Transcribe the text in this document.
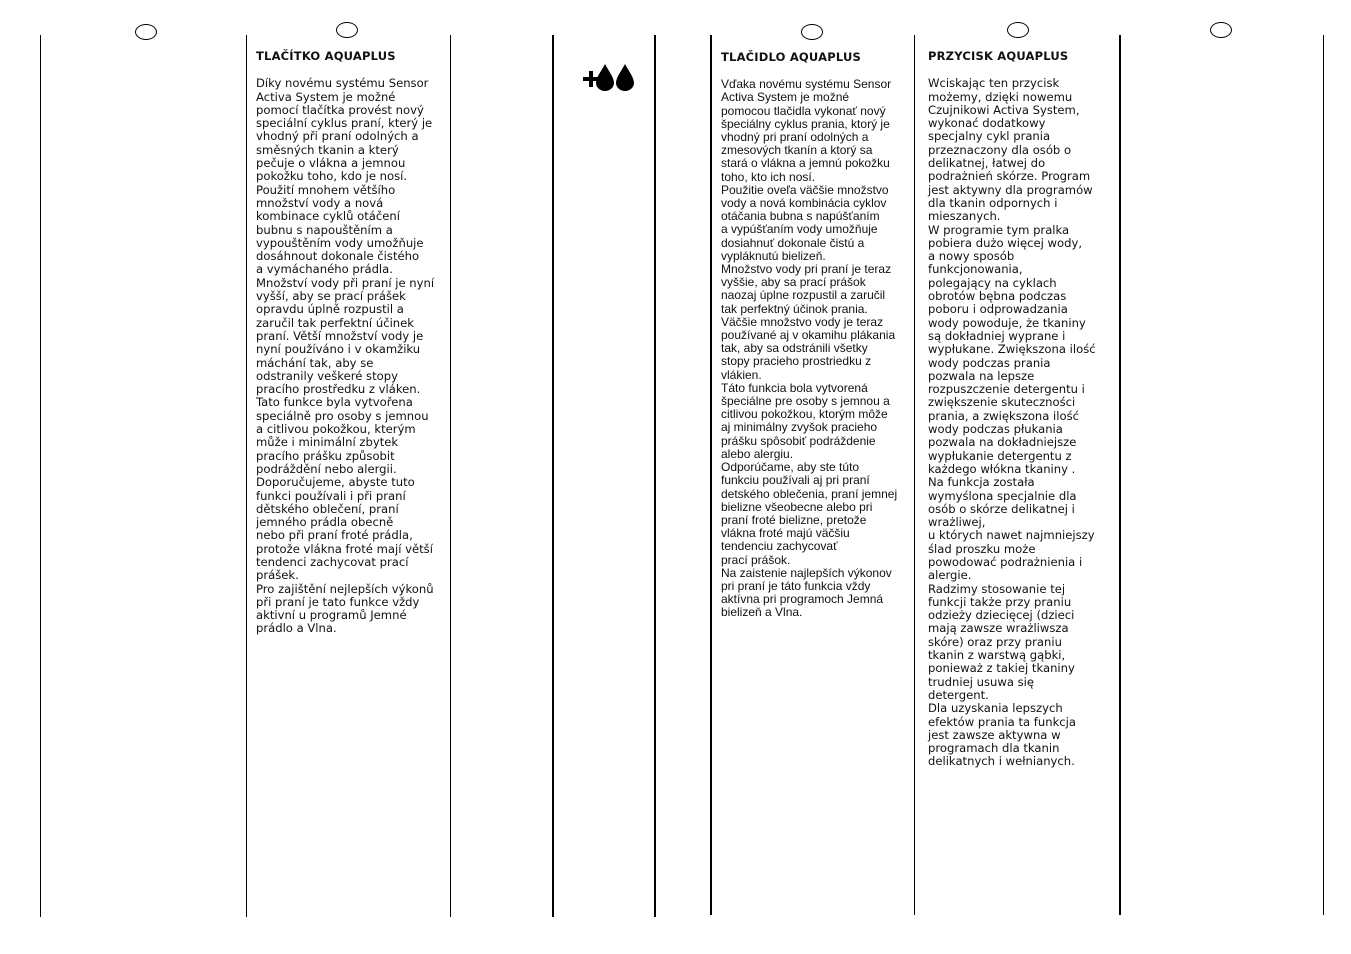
TLAČÍTKO AQUAPLUS

Díky novému systému Sensor
Activa System je možné
pomocí tlačítka provést nový
speciální cyklus praní, který je
vhodný při praní odolných a
směsných tkanin a který
pečuje o vlákna a jemnou
pokožku toho, kdo je nosí.
Použití mnohem většího
množství vody a nová
kombinace cyklů otáčení
bubnu s napouštěním a
vypouštěním vody umožňuje
dosáhnout dokonale čistého
a vymáchaného prádla.
Množství vody při praní je nyní
vyšší, aby se prací prášek
opravdu úplně rozpustil a
zaručil tak perfektní účinek
praní. Větší množství vody je
nyní používáno i v okamžiku
máchání tak, aby se
odstranily veškeré stopy
pracího prostředku z vláken.
Tato funkce byla vytvořena
speciálně pro osoby s jemnou
a citlivou pokožkou, kterým
může i minimální zbytek
pracího prášku způsobit
podráždění nebo alergii.
Doporučujeme, abyste tuto
funkci používali i při praní
dětského oblečení, praní
jemného prádla obecně
nebo při praní froté prádla,
protože vlákna froté mají větší
tendenci zachycovat prací
prášek.
Pro zajištění nejlepších výkonů
při praní je tato funkce vždy
aktivní u programů Jemné
prádlo a Vlna.

TLAČIDLO AQUAPLUS

Vďaka novému systému Sensor
Activa System je možné
pomocou tlačidla vykonať nový
špeciálny cyklus prania, ktorý je
vhodný pri praní odolných a
zmesových tkanín a ktorý sa
stará o vlákna a jemnú pokožku
toho, kto ich nosí.
Použitie oveľa väčšie množstvo
vody a nová kombinácia cyklov
otáčania bubna s napúšťaním
a vypúšťaním vody umožňuje
dosiahnuť dokonale čistú a
vypláknutú bielizeň.
Množstvo vody pri praní je teraz
vyššie, aby sa prací prášok
naozaj úplne rozpustil a zaručil
tak perfektný účinok prania.
Väčšie množstvo vody je teraz
používané aj v okamihu plákania
tak, aby sa odstránili všetky
stopy pracieho prostriedku z
vlákien.
Táto funkcia bola vytvorená
špeciálne pre osoby s jemnou a
citlivou pokožkou, ktorým môže
aj minimálny zvyšok pracieho
prášku spôsobiť podráždenie
alebo alergiu.
Odporúčame, aby ste túto
funkciu používali aj pri praní
detského oblečenia, praní jemnej
bielizne všeobecne alebo pri
praní froté bielizne, pretože
vlákna froté majú väčšiu
tendenciu zachycovať
prací prášok.
Na zaistenie najlepších výkonov
pri praní je táto funkcia vždy
aktívna pri programoch Jemná
bielizeň a Vlna.

PRZYCISK AQUAPLUS

Wciskając ten przycisk
możemy, dzięki nowemu
Czujnikowi Activa System,
wykonać dodatkowy
specjalny cykl prania
przeznaczony dla osób o
delikatnej, łatwej do
podrażnień skórze. Program
jest aktywny dla programów
dla tkanin odpornych i
mieszanych.
W programie tym pralka
pobiera dużo więcej wody,
a nowy sposób
funkcjonowania,
polegający na cyklach
obrotów bębna podczas
poboru i odprowadzania
wody powoduje, że tkaniny
są dokładniej wyprane i
wypłukane. Zwiększona ilość
wody podczas prania
pozwala na lepsze
rozpuszczenie detergentu i
zwiększenie skuteczności
prania, a zwiększona ilość
wody podczas płukania
pozwala na dokładniejsze
wypłukanie detergentu z
każdego włókna tkaniny .
Na funkcja została
wymyślona specjalnie dla
osób o skórze delikatnej i
wrażliwej,
u których nawet najmniejszy
ślad proszku może
powodować podrażnienia i
alergie.
Radzimy stosowanie tej
funkcji także przy praniu
odzieży dziecięcej (dzieci
mają zawsze wrażliwsza
skóre) oraz przy praniu
tkanin z warstwą gąbki,
ponieważ z takiej tkaniny
trudniej usuwa się
detergent.
Dla uzyskania lepszych
efektów prania ta funkcja
jest zawsze aktywna w
programach dla tkanin
delikatnych i wełnianych.
